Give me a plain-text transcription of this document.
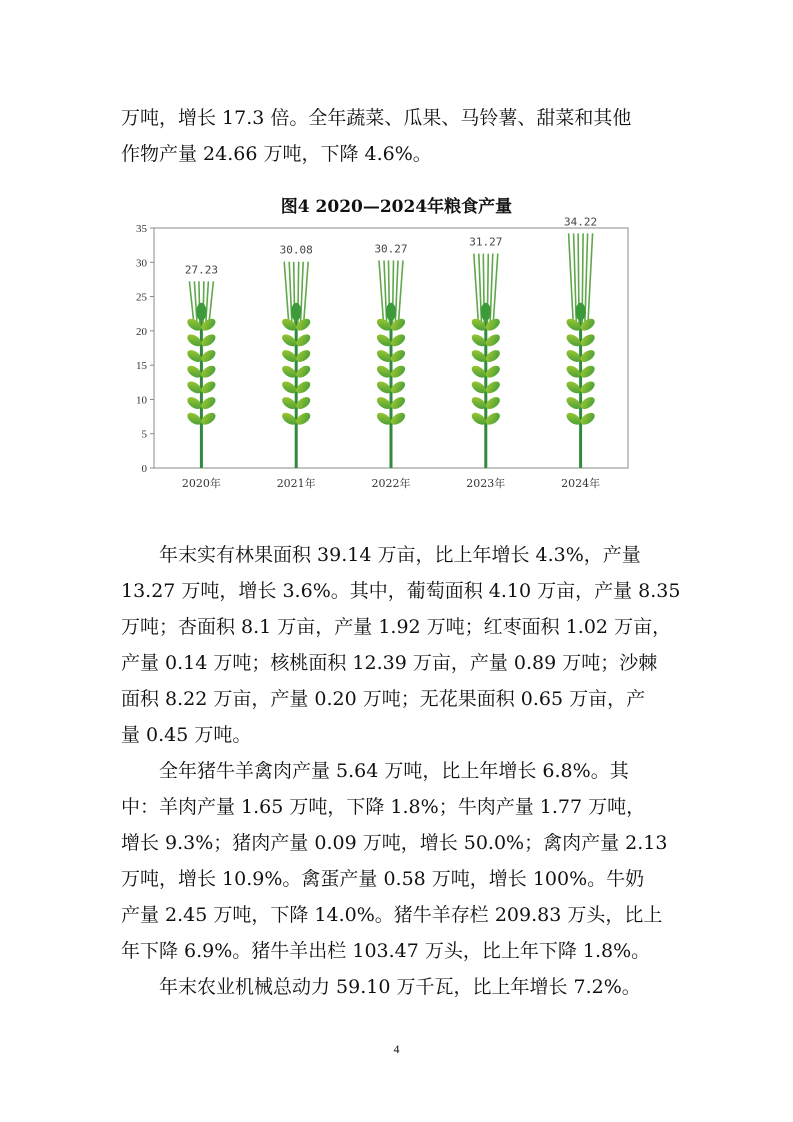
万吨，增长 17.3 倍。全年蔬菜、瓜果、马铃薯、甜菜和其他
作物产量 24.66 万吨，下降 4.6%。
图4 2020—2024年粮食产量
0
5
10
15
20
25
30
35
27.23
2020年
30.08
2021年
30.27
2022年
31.27
2023年
34.22
2024年
年末实有林果面积 39.14 万亩，比上年增长 4.3%，产量
13.27 万吨，增长 3.6%。其中，葡萄面积 4.10 万亩，产量 8.35
万吨；杏面积 8.1 万亩，产量 1.92 万吨；红枣面积 1.02 万亩，
产量 0.14 万吨；核桃面积 12.39 万亩，产量 0.89 万吨；沙棘
面积 8.22 万亩，产量 0.20 万吨；无花果面积 0.65 万亩，产
量 0.45 万吨。
全年猪牛羊禽肉产量 5.64 万吨，比上年增长 6.8%。其
中：羊肉产量 1.65 万吨，下降 1.8%；牛肉产量 1.77 万吨，
增长 9.3%；猪肉产量 0.09 万吨，增长 50.0%；禽肉产量 2.13
万吨，增长 10.9%。禽蛋产量 0.58 万吨，增长 100%。牛奶
产量 2.45 万吨，下降 14.0%。猪牛羊存栏 209.83 万头，比上
年下降 6.9%。猪牛羊出栏 103.47 万头，比上年下降 1.8%。
年末农业机械总动力 59.10 万千瓦，比上年增长 7.2%。
4
